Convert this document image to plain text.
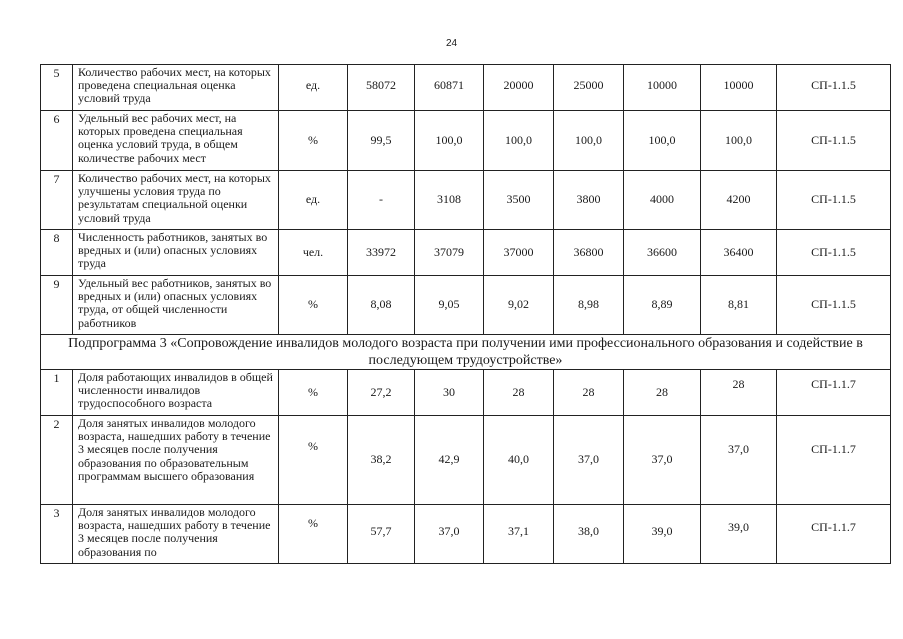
24
5	Количество рабочих мест, на которых проведена специальная оценка условий труда	ед.	58072	60871	20000	25000	10000	10000	СП-1.1.5
6	Удельный вес рабочих мест, на которых проведена специальная оценка условий труда, в общем количестве рабочих мест	%	99,5	100,0	100,0	100,0	100,0	100,0	СП-1.1.5
7	Количество рабочих мест, на которых улучшены условия труда по результатам специальной оценки условий труда	ед.	-	3108	3500	3800	4000	4200	СП-1.1.5
8	Численность работников, занятых во вредных и (или) опасных условиях труда	чел.	33972	37079	37000	36800	36600	36400	СП-1.1.5
9	Удельный вес работников, занятых во вредных и (или) опасных условиях труда, от общей численности работников	%	8,08	9,05	9,02	8,98	8,89	8,81	СП-1.1.5
Подпрограмма 3 «Сопровождение инвалидов молодого возраста при получении ими профессионального образования и содействие в последующем трудоустройстве»									
1	Доля работающих инвалидов в общей численности инвалидов трудоспособного возраста	%	27,2	30	28	28	28	28	СП-1.1.7
2	Доля занятых инвалидов молодого возраста, нашедших работу в течение 3 месяцев после получения образования по образовательным программам высшего образования	%	38,2	42,9	40,0	37,0	37,0	37,0	СП-1.1.7
3	Доля занятых инвалидов молодого возраста, нашедших работу в течение 3 месяцев после получения образования по	%	57,7	37,0	37,1	38,0	39,0	39,0	СП-1.1.7
